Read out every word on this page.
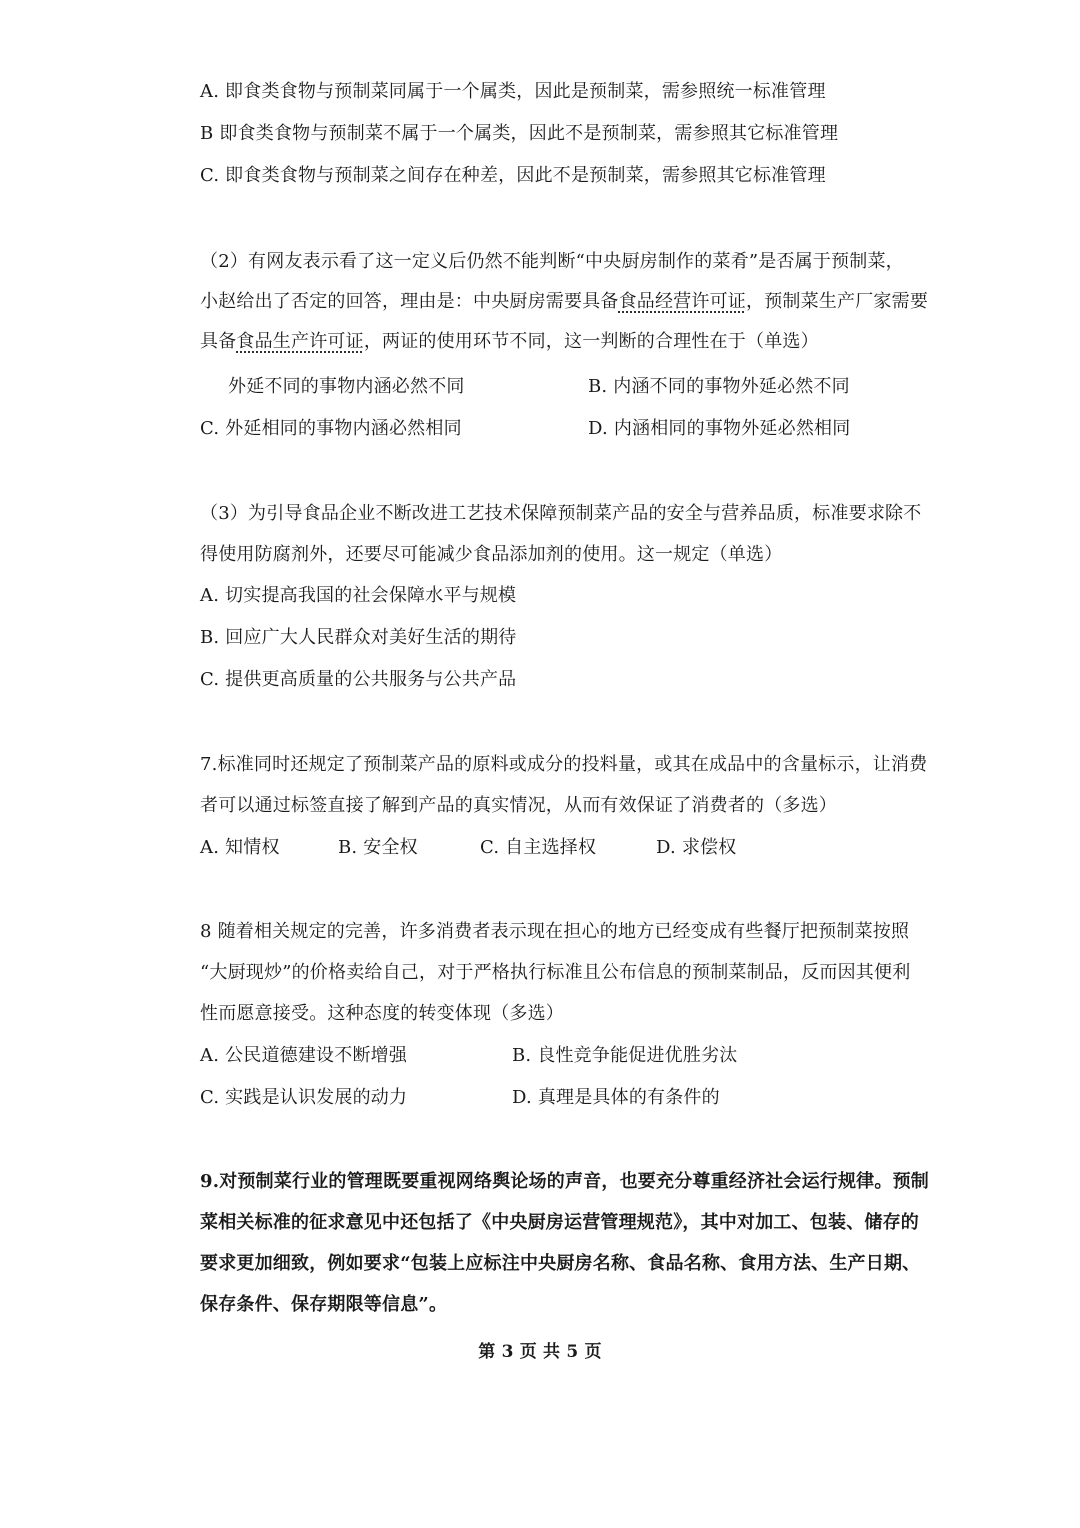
A. 即食类食物与预制菜同属于一个属类，因此是预制菜，需参照统一标准管理
B 即食类食物与预制菜不属于一个属类，因此不是预制菜，需参照其它标准管理
C. 即食类食物与预制菜之间存在种差，因此不是预制菜，需参照其它标准管理
（2）有网友表示看了这一定义后仍然不能判断“中央厨房制作的菜肴”是否属于预制菜，
小赵给出了否定的回答，理由是：中央厨房需要具备食品经营许可证，预制菜生产厂家需要
具备食品生产许可证，两证的使用环节不同，这一判断的合理性在于（单选）
外延不同的事物内涵必然不同	B. 内涵不同的事物外延必然不同
C. 外延相同的事物内涵必然相同	D. 内涵相同的事物外延必然相同
（3）为引导食品企业不断改进工艺技术保障预制菜产品的安全与营养品质，标准要求除不
得使用防腐剂外，还要尽可能减少食品添加剂的使用。这一规定（单选）
A. 切实提高我国的社会保障水平与规模
B. 回应广大人民群众对美好生活的期待
C. 提供更高质量的公共服务与公共产品
7.标准同时还规定了预制菜产品的原料或成分的投料量，或其在成品中的含量标示，让消费
者可以通过标签直接了解到产品的真实情况，从而有效保证了消费者的（多选）
A. 知情权	B. 安全权	C. 自主选择权	D. 求偿权
8 随着相关规定的完善，许多消费者表示现在担心的地方已经变成有些餐厅把预制菜按照
“大厨现炒”的价格卖给自己，对于严格执行标准且公布信息的预制菜制品，反而因其便利
性而愿意接受。这种态度的转变体现（多选）
A. 公民道德建设不断增强	B. 良性竞争能促进优胜劣汰
C. 实践是认识发展的动力	D. 真理是具体的有条件的
9.对预制菜行业的管理既要重视网络舆论场的声音，也要充分尊重经济社会运行规律。预制
菜相关标准的征求意见中还包括了《中央厨房运营管理规范》，其中对加工、包装、储存的
要求更加细致，例如要求“包装上应标注中央厨房名称、食品名称、食用方法、生产日期、
保存条件、保存期限等信息”。
第 3 页 共 5 页
